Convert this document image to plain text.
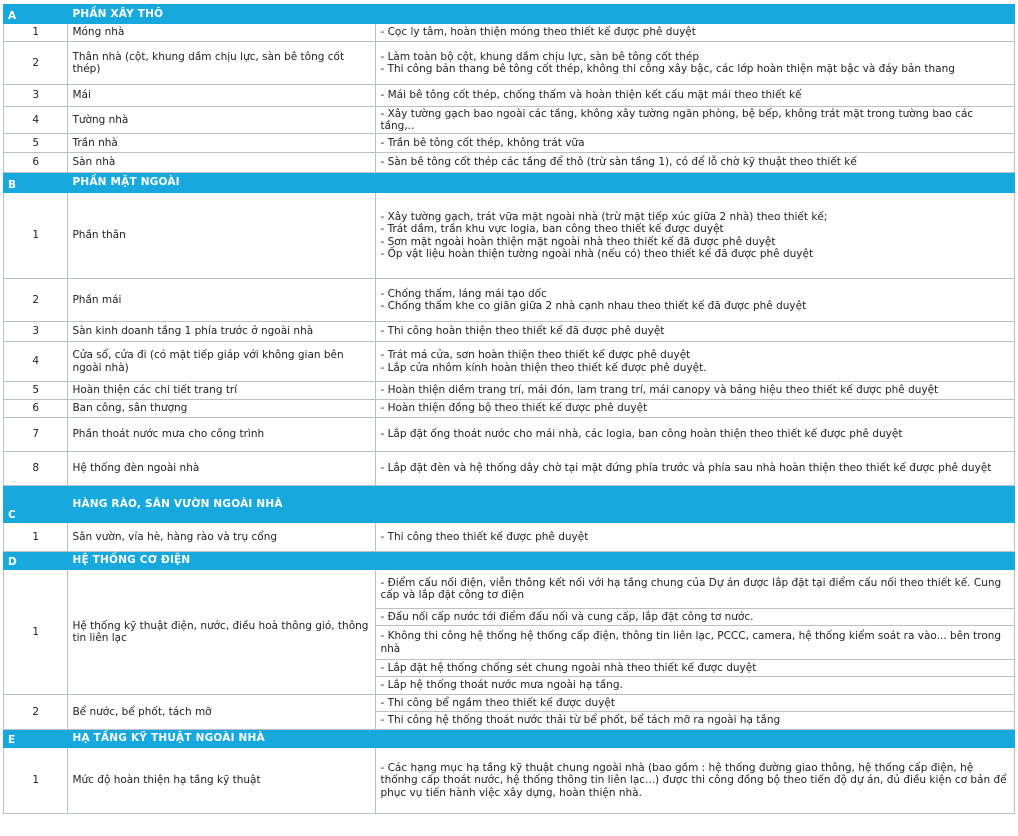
A	PHẦN XÂY THÔ	
1	Móng nhà	- Cọc ly tâm, hoàn thiện móng theo thiết kế được phê duyệt

2	Thân nhà (cột, khung dầm chịu lực, sàn bê tông cốt thép)	- Làm toàn bộ cột, khung dầm chịu lực, sàn bê tông cốt thép
- Thi công bản thang bê tông cốt thép, không thi công xây bậc, các lớp hoàn thiện mặt bậc và đáy bản thang

3	Mái	- Mái bê tông cốt thép, chống thấm và hoàn thiện kết cấu mặt mái theo thiết kế

4	Tường nhà	- Xây tường gạch bao ngoài các tầng, không xây tường ngăn phòng, bệ bếp, không trát mặt trong tường bao các tầng,..

5	Trần nhà	- Trần bê tông cốt thép, không trát vữa

6	Sàn nhà	- Sàn bê tông cốt thép các tầng để thô (trừ sàn tầng 1), có để lỗ chờ kỹ thuật theo thiết kế

B	PHẦN MẶT NGOÀI	
1	Phần thân	- Xây tường gạch, trát vữa mặt ngoài nhà (trừ mặt tiếp xúc giữa 2 nhà) theo thiết kế;
- Trát dầm, trần khu vực logia, ban công theo thiết kế được duyệt
- Sơn mặt ngoài hoàn thiện mặt ngoài nhà theo thiết kế đã được phê duyệt
- Ốp vật liệu hoàn thiện tường ngoài nhà (nếu có) theo thiết kế đã được phê duyệt

2	Phần mái	- Chống thấm, láng mái tạo dốc
- Chống thấm khe co giãn giữa 2 nhà cạnh nhau theo thiết kế đã được phê duyệt

3	Sàn kinh doanh tầng 1 phía trước ở ngoài nhà	- Thi công hoàn thiện theo thiết kế đã được phê duyệt

4	Cửa sổ, cửa đi (có mặt tiếp giáp với không gian bên ngoài nhà)	- Trát má cửa, sơn hoàn thiện theo thiết kế được phê duyệt
- Lắp cửa nhôm kính hoàn thiện theo thiết kế được phê duyệt.

5	Hoàn thiện các chi tiết trang trí	- Hoàn thiện diềm trang trí, mái đón, lam trang trí, mái canopy và bảng hiệu theo thiết kế được phê duyệt

6	Ban công, sân thượng	- Hoàn thiện đồng bộ theo thiết kế được phê duyệt

7	Phần thoát nước mưa cho công trình	- Lắp đặt ống thoát nước cho mái nhà, các logia, ban công hoàn thiện theo thiết kế được phê duyệt

8	Hệ thống đèn ngoài nhà	- Lắp đặt đèn và hệ thống dây chờ tại mặt đứng phía trước và phía sau nhà hoàn thiện theo thiết kế được phê duyệt

C	HÀNG RÀO, SÂN VƯỜN NGOÀI NHÀ	
1	Sân vườn, vỉa hè, hàng rào và trụ cổng	- Thi công theo thiết kế được phê duyệt

D	HỆ THỐNG CƠ ĐIỆN	
1	Hệ thống kỹ thuật điện, nước, điều hoà thông gió, thông tin liên lạc	- Điểm cấu nối điện, viễn thông kết nối với hạ tầng chung của Dự án được lắp đặt tại điểm cấu nối theo thiết kế. Cung cấp và lắp đặt công tơ điện
		- Đấu nối cấp nước tới điểm đấu nối và cung cấp, lắp đặt công tơ nước.
		- Không thi công hệ thống hệ thống cấp điện, thông tin liên lạc, PCCC, camera, hệ thống kiểm soát ra vào... bên trong nhà
		- Lắp đặt hệ thống chống sét chung ngoài nhà theo thiết kế được duyệt
		- Lắp hệ thống thoát nước mưa ngoài hạ tầng.
2	Bể nước, bể phốt, tách mỡ	- Thi công bể ngầm theo thiết kế được duyệt
		- Thi công hệ thống thoát nước thải từ bể phốt, bể tách mỡ ra ngoài hạ tầng
E	HẠ TẦNG KỸ THUẬT NGOÀI NHÀ	
1	Mức độ hoàn thiện hạ tầng kỹ thuật	- Các hạng mục hạ tầng kỹ thuật chung ngoài nhà (bao gồm : hệ thống đường giao thông, hệ thống cấp điện, hệ thốnhg cấp thoát nước, hệ thống thông tin liên lạc...) được thi công đồng bộ theo tiến độ dự án, đủ điều kiện cơ bản để phục vụ tiến hành việc xây dựng, hoàn thiện nhà.
